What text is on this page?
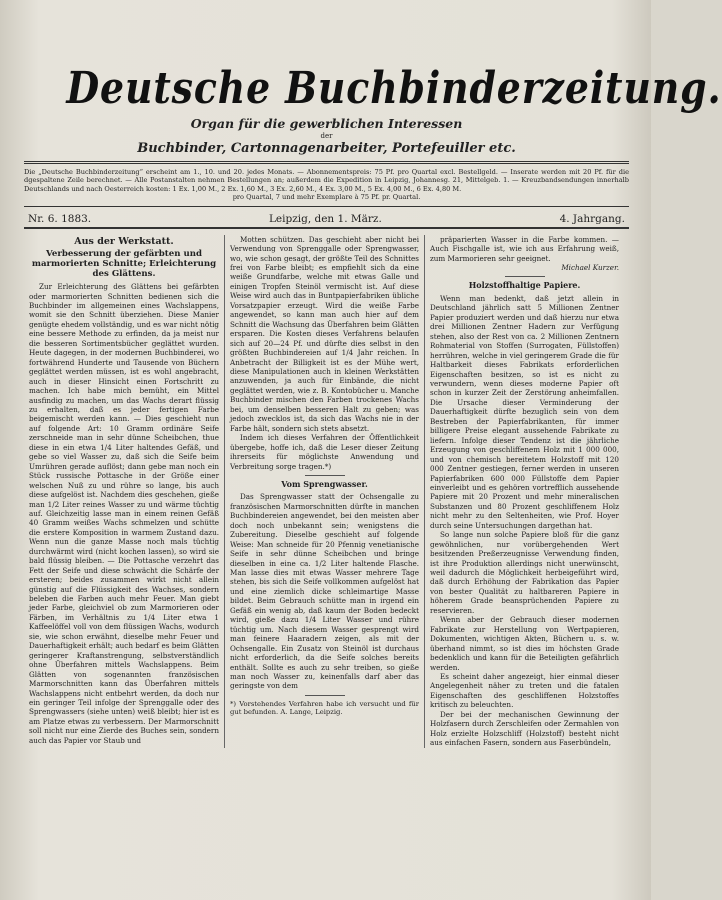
Deutsche Buchbinderzeitung.
Organ für die gewerblichen Interessen
der
Buchbinder, Cartonnagenarbeiter, Portefeuiller etc.
Die „Deutsche Buchbinderzeitung“ erscheint am 1., 10. und 20. jedes Monats. — Abonnementspreis: 75 Pf. pro Quartal excl. Bestellgeld. — Inserate werden mit 20 Pf. für die dgespaltene Zeile berechnet. — Alle Postanstalten nehmen Bestellungen an; außerdem die Expedition in Leipzig, Johannesg. 21, Mittelgeb. 1. — Kreuzbandsendungen innerhalb Deutschlands und nach Oesterreich kosten: 1 Ex. 1,00 M., 2 Ex. 1,60 M., 3 Ex. 2,60 M., 4 Ex. 3,00 M., 5 Ex. 4,00 M., 6 Ex. 4,80 M.
pro Quartal, 7 und mehr Exemplare à 75 Pf. pr. Quartal.
Nr. 6. 1883.	Leipzig, den 1. März.	4. Jahrgang.
Aus der Werkstatt.
Verbesserung der gefärbten und marmorierten Schnitte; Erleichterung des Glättens.

Zur Erleichterung des Glättens bei gefärbten oder marmorierten Schnitten bedienen sich die Buchbinder im allgemeinen eines Wachslappens, womit sie den Schnitt überziehen. Diese Manier genügte ehedem vollständig, und es war nicht nötig eine bessere Methode zu erfinden, da ja meist nur die besseren Sortimentsbücher geglättet wurden. Heute dagegen, in der modernen Buchbinderei, wo fortwährend Hunderte und Tausende von Büchern geglättet werden müssen, ist es wohl angebracht, auch in dieser Hinsicht einen Fortschritt zu machen. Ich habe mich bemüht, ein Mittel ausfindig zu machen, um das Wachs derart flüssig zu erhalten, daß es jeder fertigen Farbe beigemischt werden kann. — Dies geschieht nun auf folgende Art: 10 Gramm ordinäre Seife zerschneide man in sehr dünne Scheibchen, thue diese in ein etwa 1/4 Liter haltendes Gefäß, und gebe so viel Wasser zu, daß sich die Seife beim Umrühren gerade auflöst; dann gebe man noch ein Stück russische Pottasche in der Größe einer welschen Nuß zu und rühre so lange, bis auch diese aufgelöst ist. Nachdem dies geschehen, gieße man 1/2 Liter reines Wasser zu und wärme tüchtig auf. Gleichzeitig lasse man in einem reinen Gefäß 40 Gramm weißes Wachs schmelzen und schütte die erstere Komposition in warmem Zustand dazu. Wenn nun die ganze Masse noch mals tüchtig durchwärmt wird (nicht kochen lassen), so wird sie bald flüssig bleiben. — Die Pottasche verzehrt das Fett der Seife und diese schwächt die Schärfe der ersteren; beides zusammen wirkt nicht allein günstig auf die Flüssigkeit des Wachses, sondern beleben die Farben auch mehr Feuer. Man giebt jeder Farbe, gleichviel ob zum Marmorieren oder Färben, im Verhältnis zu 1/4 Liter etwa 1 Kaffeelöffel voll von dem flüssigen Wachs, wodurch sie, wie schon erwähnt, dieselbe mehr Feuer und Dauerhaftigkeit erhält; auch bedarf es beim Glätten geringerer Kraftanstrengung, selbstverständlich ohne Überfahren mittels Wachslappens. Beim Glätten von sogenannten französischen Marmorschnitten kann das Überfahren mittels Wachslappens nicht entbehrt werden, da doch nur ein geringer Teil infolge der Sprenggalle oder des Sprengwassers (siehe unten) weiß bleibt; hier ist es am Platze etwas zu verbessern. Der Marmorschnitt soll nicht nur eine Zierde des Buches sein, sondern auch das Papier vor Staub und

Motten schützen. Das geschieht aber nicht bei Verwendung von Sprenggalle oder Sprengwasser, wo, wie schon gesagt, der größte Teil des Schnittes frei von Farbe bleibt; es empfiehlt sich da eine weiße Grundfarbe, welche mit etwas Galle und einigen Tropfen Steinöl vermischt ist. Auf diese Weise wird auch das in Buntpapierfabriken übliche Vorsatzpapier erzeugt. Wird die weiße Farbe angewendet, so kann man auch hier auf dem Schnitt die Wachsung das Überfahren beim Glätten ersparen. Die Kosten dieses Verfahrens belaufen sich auf 20—24 Pf. und dürfte dies selbst in den größten Buchbindereien auf 1/4 Jahr reichen. In Anbetracht der Billigkeit ist es der Mühe wert, diese Manipulationen auch in kleinen Werkstätten anzuwenden, ja auch für Einbände, die nicht geglättet werden, wie z. B. Kontobücher u. Manche Buchbinder mischen den Farben trockenes Wachs bei, um denselben besseren Halt zu geben; was jedoch zwecklos ist, da sich das Wachs nie in der Farbe hält, sondern sich stets absetzt.

Indem ich dieses Verfahren der Öffentlichkeit übergebe, hoffe ich, daß die Leser dieser Zeitung ihrerseits für möglichste Anwendung und Verbreitung sorge tragen.*)

Vom Sprengwasser.

Das Sprengwasser statt der Ochsengalle zu französischen Marmorschnitten dürfte in manchen Buchbindereien angewendet, bei den meisten aber doch noch unbekannt sein; wenigstens die Zubereitung. Dieselbe geschieht auf folgende Weise: Man schneide für 20 Pfennig venetianische Seife in sehr dünne Scheibchen und bringe dieselben in eine ca. 1/2 Liter haltende Flasche. Man lasse dies mit etwas Wasser mehrere Tage stehen, bis sich die Seife vollkommen aufgelöst hat und eine ziemlich dicke schleimartige Masse bildet. Beim Gebrauch schütte man in irgend ein Gefäß ein wenig ab, daß kaum der Boden bedeckt wird, gieße dazu 1/4 Liter Wasser und rühre tüchtig um. Nach diesem Wasser gesprengt wird man feinere Haaradern zeigen, als mit der Ochsengalle. Ein Zusatz von Steinöl ist durchaus nicht erforderlich, da die Seife solches bereits enthält. Sollte es auch zu sehr treiben, so gieße man noch Wasser zu, keinenfalls darf aber das geringste von dem

*) Vorstehendes Verfahren habe ich versucht und für gut befunden. A. Lange, Leipzig.

präparierten Wasser in die Farbe kommen. — Auch Fischgalle ist, wie ich aus Erfahrung weiß, zum Marmorieren sehr geeignet.

Michael Kurzer.

Holzstoffhaltige Papiere.

Wenn man bedenkt, daß jetzt allein in Deutschland jährlich satt 5 Millionen Zentner Papier produziert werden und daß hierzu nur etwa drei Millionen Zentner Hadern zur Verfügung stehen, also der Rest von ca. 2 Millionen Zentnern Rohmaterial von Stoffen (Surrogaten, Füllstoffen) herrühren, welche in viel geringerem Grade die für Haltbarkeit dieses Fabrikats erforderlichen Eigenschaften besitzen, so ist es nicht zu verwundern, wenn dieses moderne Papier oft schon in kurzer Zeit der Zerstörung anheimfallen. Die Ursache dieser Verminderung der Dauerhaftigkeit dürfte bezuglich sein von dem Bestreben der Papierfabrikanten, für immer billigere Preise elegant aussehende Fabrikate zu liefern. Infolge dieser Tendenz ist die jährliche Erzeugung von geschliffenem Holz mit 1 000 000, und von chemisch bereitetem Holzstoff mit 120 000 Zentner gestiegen, ferner werden in unseren Papierfabriken 600 000 Füllstoffe dem Papier einverleibt und es gehören vortrefflich aussehende Papiere mit 20 Prozent und mehr mineralischen Substanzen und 80 Prozent geschliffenem Holz nicht mehr zu den Seltenheiten, wie Prof. Hoyer durch seine Untersuchungen dargethan hat.

So lange nun solche Papiere bloß für die ganz gewöhnlichen, nur vorübergehenden Wert besitzenden Preßerzeugnisse Verwendung finden, ist ihre Produktion allerdings nicht unerwünscht, weil dadurch die Möglichkeit herbeigeführt wird, daß durch Erhöhung der Fabrikation das Papier von bester Qualität zu haltbareren Papiere in höherem Grade beansprüchenden Papiere zu reservieren.

Wenn aber der Gebrauch dieser modernen Fabrikate zur Herstellung von Wertpapieren, Dokumenten, wichtigen Akten, Büchern u. s. w. überhand nimmt, so ist dies im höchsten Grade bedenklich und kann für die Beteiligten gefährlich werden.

Es scheint daher angezeigt, hier einmal dieser Angelegenheit näher zu treten und die fatalen Eigenschaften des geschliffenen Holzstoffes kritisch zu beleuchten.

Der bei der mechanischen Gewinnung der Holzfasern durch Zerschleifen oder Zermahlen von Holz erzielte Holzschliff (Holzstoff) besteht nicht aus einfachen Fasern, sondern aus Faserbündeln,
